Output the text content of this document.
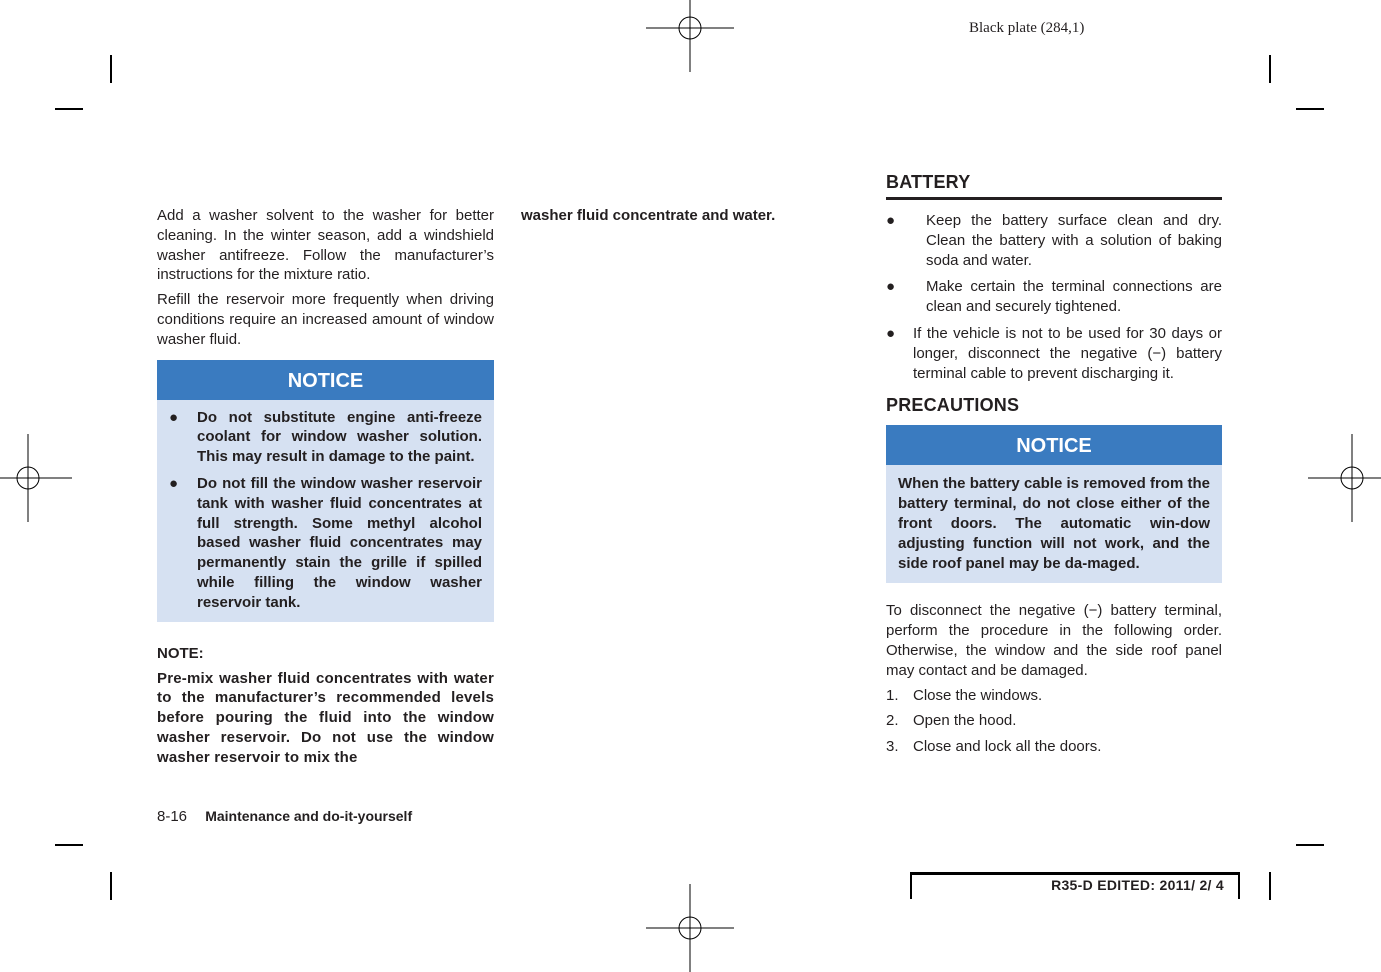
Black plate (284,1)

Add a washer solvent to the washer for better cleaning. In the winter season, add a windshield washer antifreeze. Follow the manufacturer’s instructions for the mixture ratio.

Refill the reservoir more frequently when driving conditions require an increased amount of window washer fluid.

NOTICE
● Do not substitute engine anti-freeze coolant for window washer solution. This may result in damage to the paint.
● Do not fill the window washer reservoir tank with washer fluid concentrates at full strength. Some methyl alcohol based washer fluid concentrates may permanently stain the grille if spilled while filling the window washer reservoir tank.
NOTE:

Pre-mix washer fluid concentrates with water to the manufacturer’s recommended levels before pouring the fluid into the window washer reservoir. Do not use the window washer reservoir to mix the

washer fluid concentrate and water.

BATTERY
● Keep the battery surface clean and dry. Clean the battery with a solution of baking soda and water.
● Make certain the terminal connections are clean and securely tightened.
● If the vehicle is not to be used for 30 days or longer, disconnect the negative (−) battery terminal cable to prevent discharging it.
PRECAUTIONS
NOTICE

When the battery cable is removed from the battery terminal, do not close either of the front doors. The automatic win-dow adjusting function will not work, and the side roof panel may be da-maged.

To disconnect the negative (−) battery terminal, perform the procedure in the following order. Otherwise, the window and the side roof panel may contact and be damaged.

1. Close the windows.
2. Open the hood.
3. Close and lock all the doors.
8-16 Maintenance and do-it-yourself
R35-D EDITED: 2011/ 2/ 4
